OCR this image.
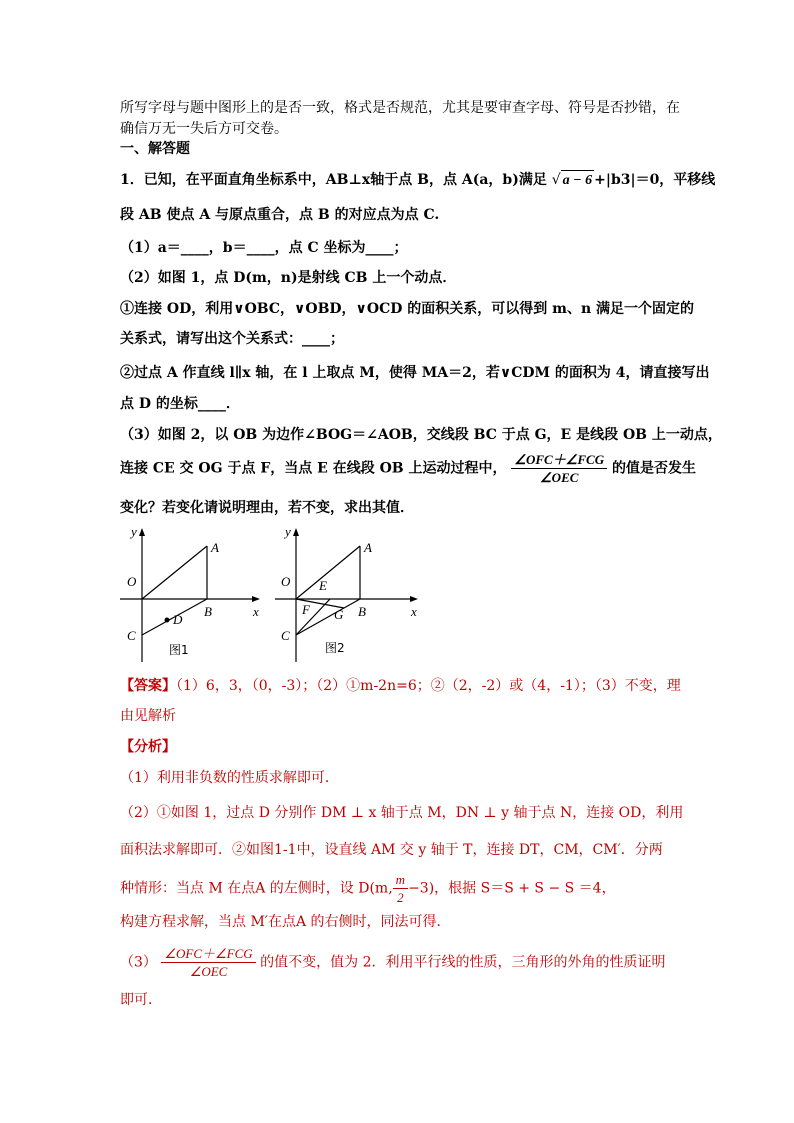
所写字母与题中图形上的是否一致，格式是否规范，尤其是要审查字母、符号是否抄错，在
确信万无一失后方可交卷。
一、解答题
1．已知，在平面直角坐标系中，AB⊥x轴于点 B，点 A(a，b)满足 √ a − 6 +|b3|＝0，平移线
段 AB 使点 A 与原点重合，点 B 的对应点为点 C.
（1）a＝____，b＝____，点 C 坐标为____；
（2）如图 1，点 D(m，n)是射线 CB 上一个动点．
①连接 OD，利用∨OBC，∨OBD，∨OCD 的面积关系，可以得到 m、n 满足一个固定的
关系式，请写出这个关系式：____；
②过点 A 作直线 l∥x 轴，在 l 上取点 M，使得 MA＝2，若∨CDM 的面积为 4，请直接写出
点 D 的坐标____．
（3）如图 2，以 OB 为边作∠BOG＝∠AOB，交线段 BC 于点 G，E 是线段 OB 上一动点，
连接 CE 交 OG 于点 F，当点 E 在线段 OB 上运动过程中， $\frac{\text{∠OFC＋∠FCG}}{\text{∠OEC}}$ 的值是否发生
变化？若变化请说明理由，若不变，求出其值．
y
x
O
A
B
C
D
图1
y
x
O
A
B
C
E
F G
图2
【答案】（1）6，3，（0，-3）；（2）①m-2n=6；②（2，-2）或（4，-1）；（3）不变，理
由见解析
【分析】
（1）利用非负数的性质求解即可．
（2）①如图 1，过点 D 分别作 DM ⊥ x 轴于点 M，DN ⊥ y 轴于点 N，连接 OD，利用
面积法求解即可．②如图1-1中，设直线 AM 交 y 轴于 T，连接 DT，CM，CM′．分两
种情形：当点 M 在点A 的左侧时，设 D(m, $\frac{m}{2} -3$)，根据 S＝S + S − S ＝4，
构建方程求解，当点 M′在点A 的右侧时，同法可得．
$(3) \frac{\text{∠OFC＋∠FCG}}{\text{∠OEC}}$ 的值不变，值为 2．利用平行线的性质，三角形的外角的性质证明
即可．
